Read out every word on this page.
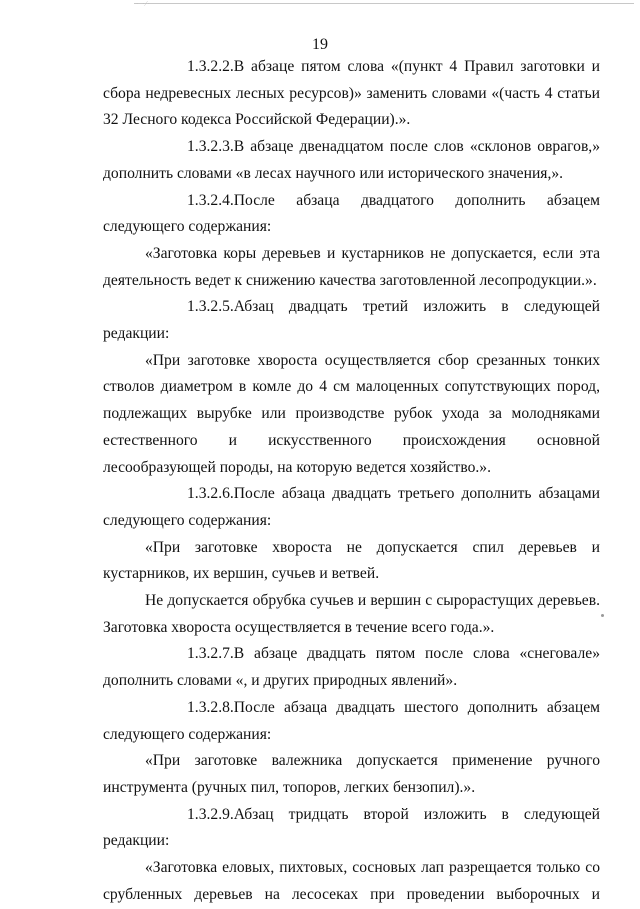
· ·⁄·
19

1.3.2.2.В абзаце пятом слова «(пункт 4 Правил заготовки и сбора недревесных лесных ресурсов)» заменить словами «(часть 4 статьи 32 Лесного кодекса Российской Федерации).».

1.3.2.3.В абзаце двенадцатом после слов «склонов оврагов,» дополнить словами «в лесах научного или исторического значения,».

1.3.2.4.После абзаца двадцатого дополнить абзацем следующего содержания:

«Заготовка коры деревьев и кустарников не допускается, если эта деятельность ведет к снижению качества заготовленной лесопродукции.».

1.3.2.5.Абзац двадцать третий изложить в следующей редакции:

«При заготовке хвороста осуществляется сбор срезанных тонких стволов диаметром в комле до 4 см малоценных сопутствующих пород, подлежащих вырубке или производстве рубок ухода за молодняками естественного и искусственного происхождения основной лесообразующей породы, на которую ведется хозяйство.».

1.3.2.6.После абзаца двадцать третьего дополнить абзацами следующего содержания:

«При заготовке хвороста не допускается спил деревьев и кустарников, их вершин, сучьев и ветвей.

Не допускается обрубка сучьев и вершин с сырорастущих деревьев. Заготовка хвороста осуществляется в течение всего года.».

1.3.2.7.В абзаце двадцать пятом после слова «снеговале» дополнить словами «, и других природных явлений».

1.3.2.8.После абзаца двадцать шестого дополнить абзацем следующего содержания:

«При заготовке валежника допускается применение ручного инструмента (ручных пил, топоров, легких бензопил).».

1.3.2.9.Абзац тридцать второй изложить в следующей редакции:

«Заготовка еловых, пихтовых, сосновых лап разрещается только со срубленных деревьев на лесосеках при проведении выборочных и
